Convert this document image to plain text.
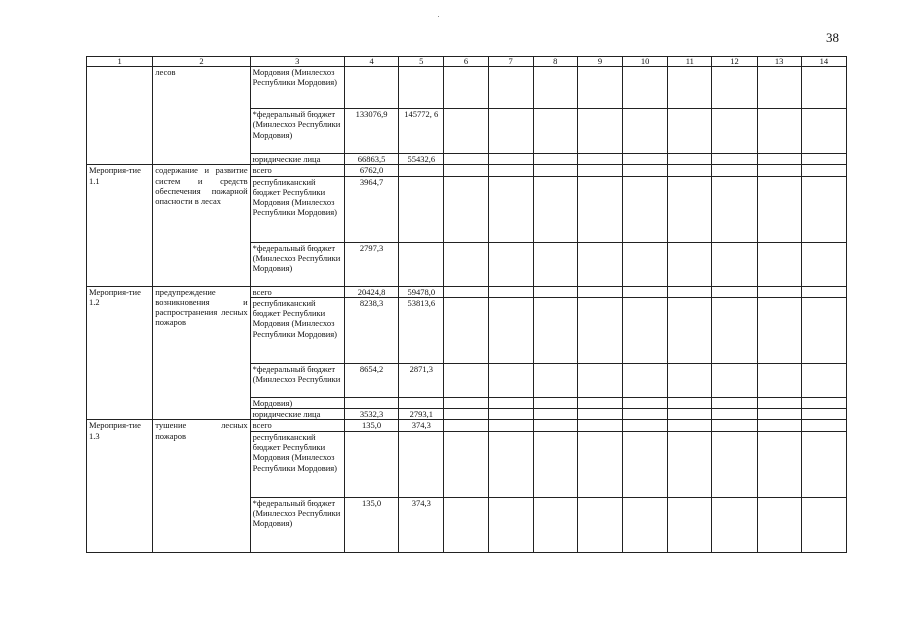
38
1	2	3	4	5	6	7	8	9	10	11	12	13	14
	лесов	Мордовия (Минлесхоз Республики Мордовия)											
		*федеральный бюджет (Минлесхоз Республики Мордовия)	133076,9	145772, 6									
		юридические лица	66863,5	55432,6									
Мероприя-тие 1.1	содержание и развитие систем и средств обеспечения пожарной опасности в лесах	всего	6762,0										
		республиканский бюджет Республики Мордовия (Минлесхоз Республики Мордовия)	3964,7										
		*федеральный бюджет (Минлесхоз Республики Мордовия)	2797,3										
Мероприя-тие 1.2	предупреждение возникновения и распространения лесных пожаров	всего	20424,8	59478,0									
		республиканский бюджет Республики Мордовия (Минлесхоз Республики Мордовия)	8238,3	53813,6									
		*федеральный бюджет (Минлесхоз Республики	8654,2	2871,3									
		Мордовия)											
		юридические лица	3532,3	2793,1									
Мероприя-тие 1.3	тушение лесных пожаров	всего	135,0	374,3									
		республиканский бюджет Республики Мордовия (Минлесхоз Республики Мордовия)											
		*федеральный бюджет (Минлесхоз Республики Мордовия)	135,0	374,3									
